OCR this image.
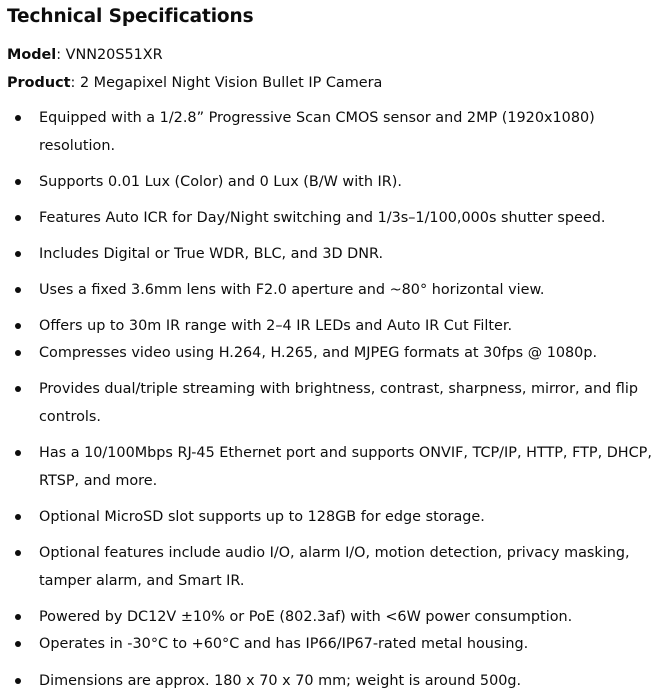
Technical Specifications
Model: VNN20S51XR
Product: 2 Megapixel Night Vision Bullet IP Camera
Equipped with a 1/2.8” Progressive Scan CMOS sensor and 2MP (1920x1080)
resolution.
Supports 0.01 Lux (Color) and 0 Lux (B/W with IR).
Features Auto ICR for Day/Night switching and 1/3s–1/100,000s shutter speed.
Includes Digital or True WDR, BLC, and 3D DNR.
Uses a fixed 3.6mm lens with F2.0 aperture and ~80° horizontal view.
Offers up to 30m IR range with 2–4 IR LEDs and Auto IR Cut Filter.
Compresses video using H.264, H.265, and MJPEG formats at 30fps @ 1080p.
Provides dual/triple streaming with brightness, contrast, sharpness, mirror, and flip
controls.
Has a 10/100Mbps RJ-45 Ethernet port and supports ONVIF, TCP/IP, HTTP, FTP, DHCP,
RTSP, and more.
Optional MicroSD slot supports up to 128GB for edge storage.
Optional features include audio I/O, alarm I/O, motion detection, privacy masking,
tamper alarm, and Smart IR.
Powered by DC12V ±10% or PoE (802.3af) with <6W power consumption.
Operates in -30°C to +60°C and has IP66/IP67-rated metal housing.
Dimensions are approx. 180 x 70 x 70 mm; weight is around 500g.
